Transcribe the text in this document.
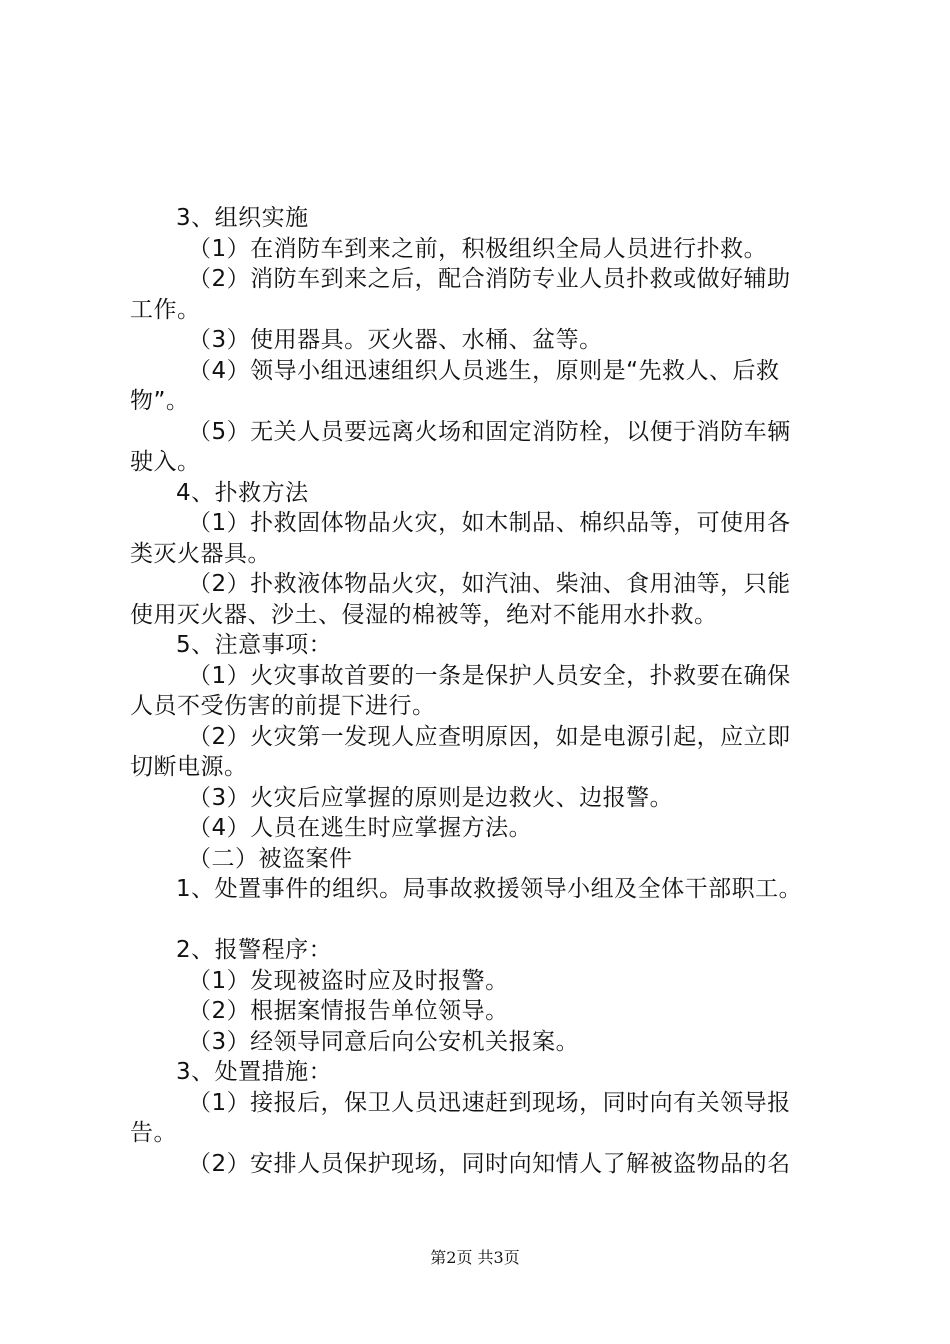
3、组织实施
（1）在消防车到来之前，积极组织全局人员进行扑救。
（2）消防车到来之后，配合消防专业人员扑救或做好辅助
工作。
（3）使用器具。灭火器、水桶、盆等。
（4）领导小组迅速组织人员逃生，原则是“先救人、后救
物”。
（5）无关人员要远离火场和固定消防栓，以便于消防车辆
驶入。
4、扑救方法
（1）扑救固体物品火灾，如木制品、棉织品等，可使用各
类灭火器具。
（2）扑救液体物品火灾，如汽油、柴油、食用油等，只能
使用灭火器、沙土、侵湿的棉被等，绝对不能用水扑救。
5、注意事项：
（1）火灾事故首要的一条是保护人员安全，扑救要在确保
人员不受伤害的前提下进行。
（2）火灾第一发现人应查明原因，如是电源引起，应立即
切断电源。
（3）火灾后应掌握的原则是边救火、边报警。
（4）人员在逃生时应掌握方法。
（二）被盗案件
1、处置事件的组织。局事故救援领导小组及全体干部职工。
2、报警程序：
（1）发现被盗时应及时报警。
（2）根据案情报告单位领导。
（3）经领导同意后向公安机关报案。
3、处置措施：
（1）接报后，保卫人员迅速赶到现场，同时向有关领导报
告。
（2）安排人员保护现场，同时向知情人了解被盗物品的名
第2页 共3页
